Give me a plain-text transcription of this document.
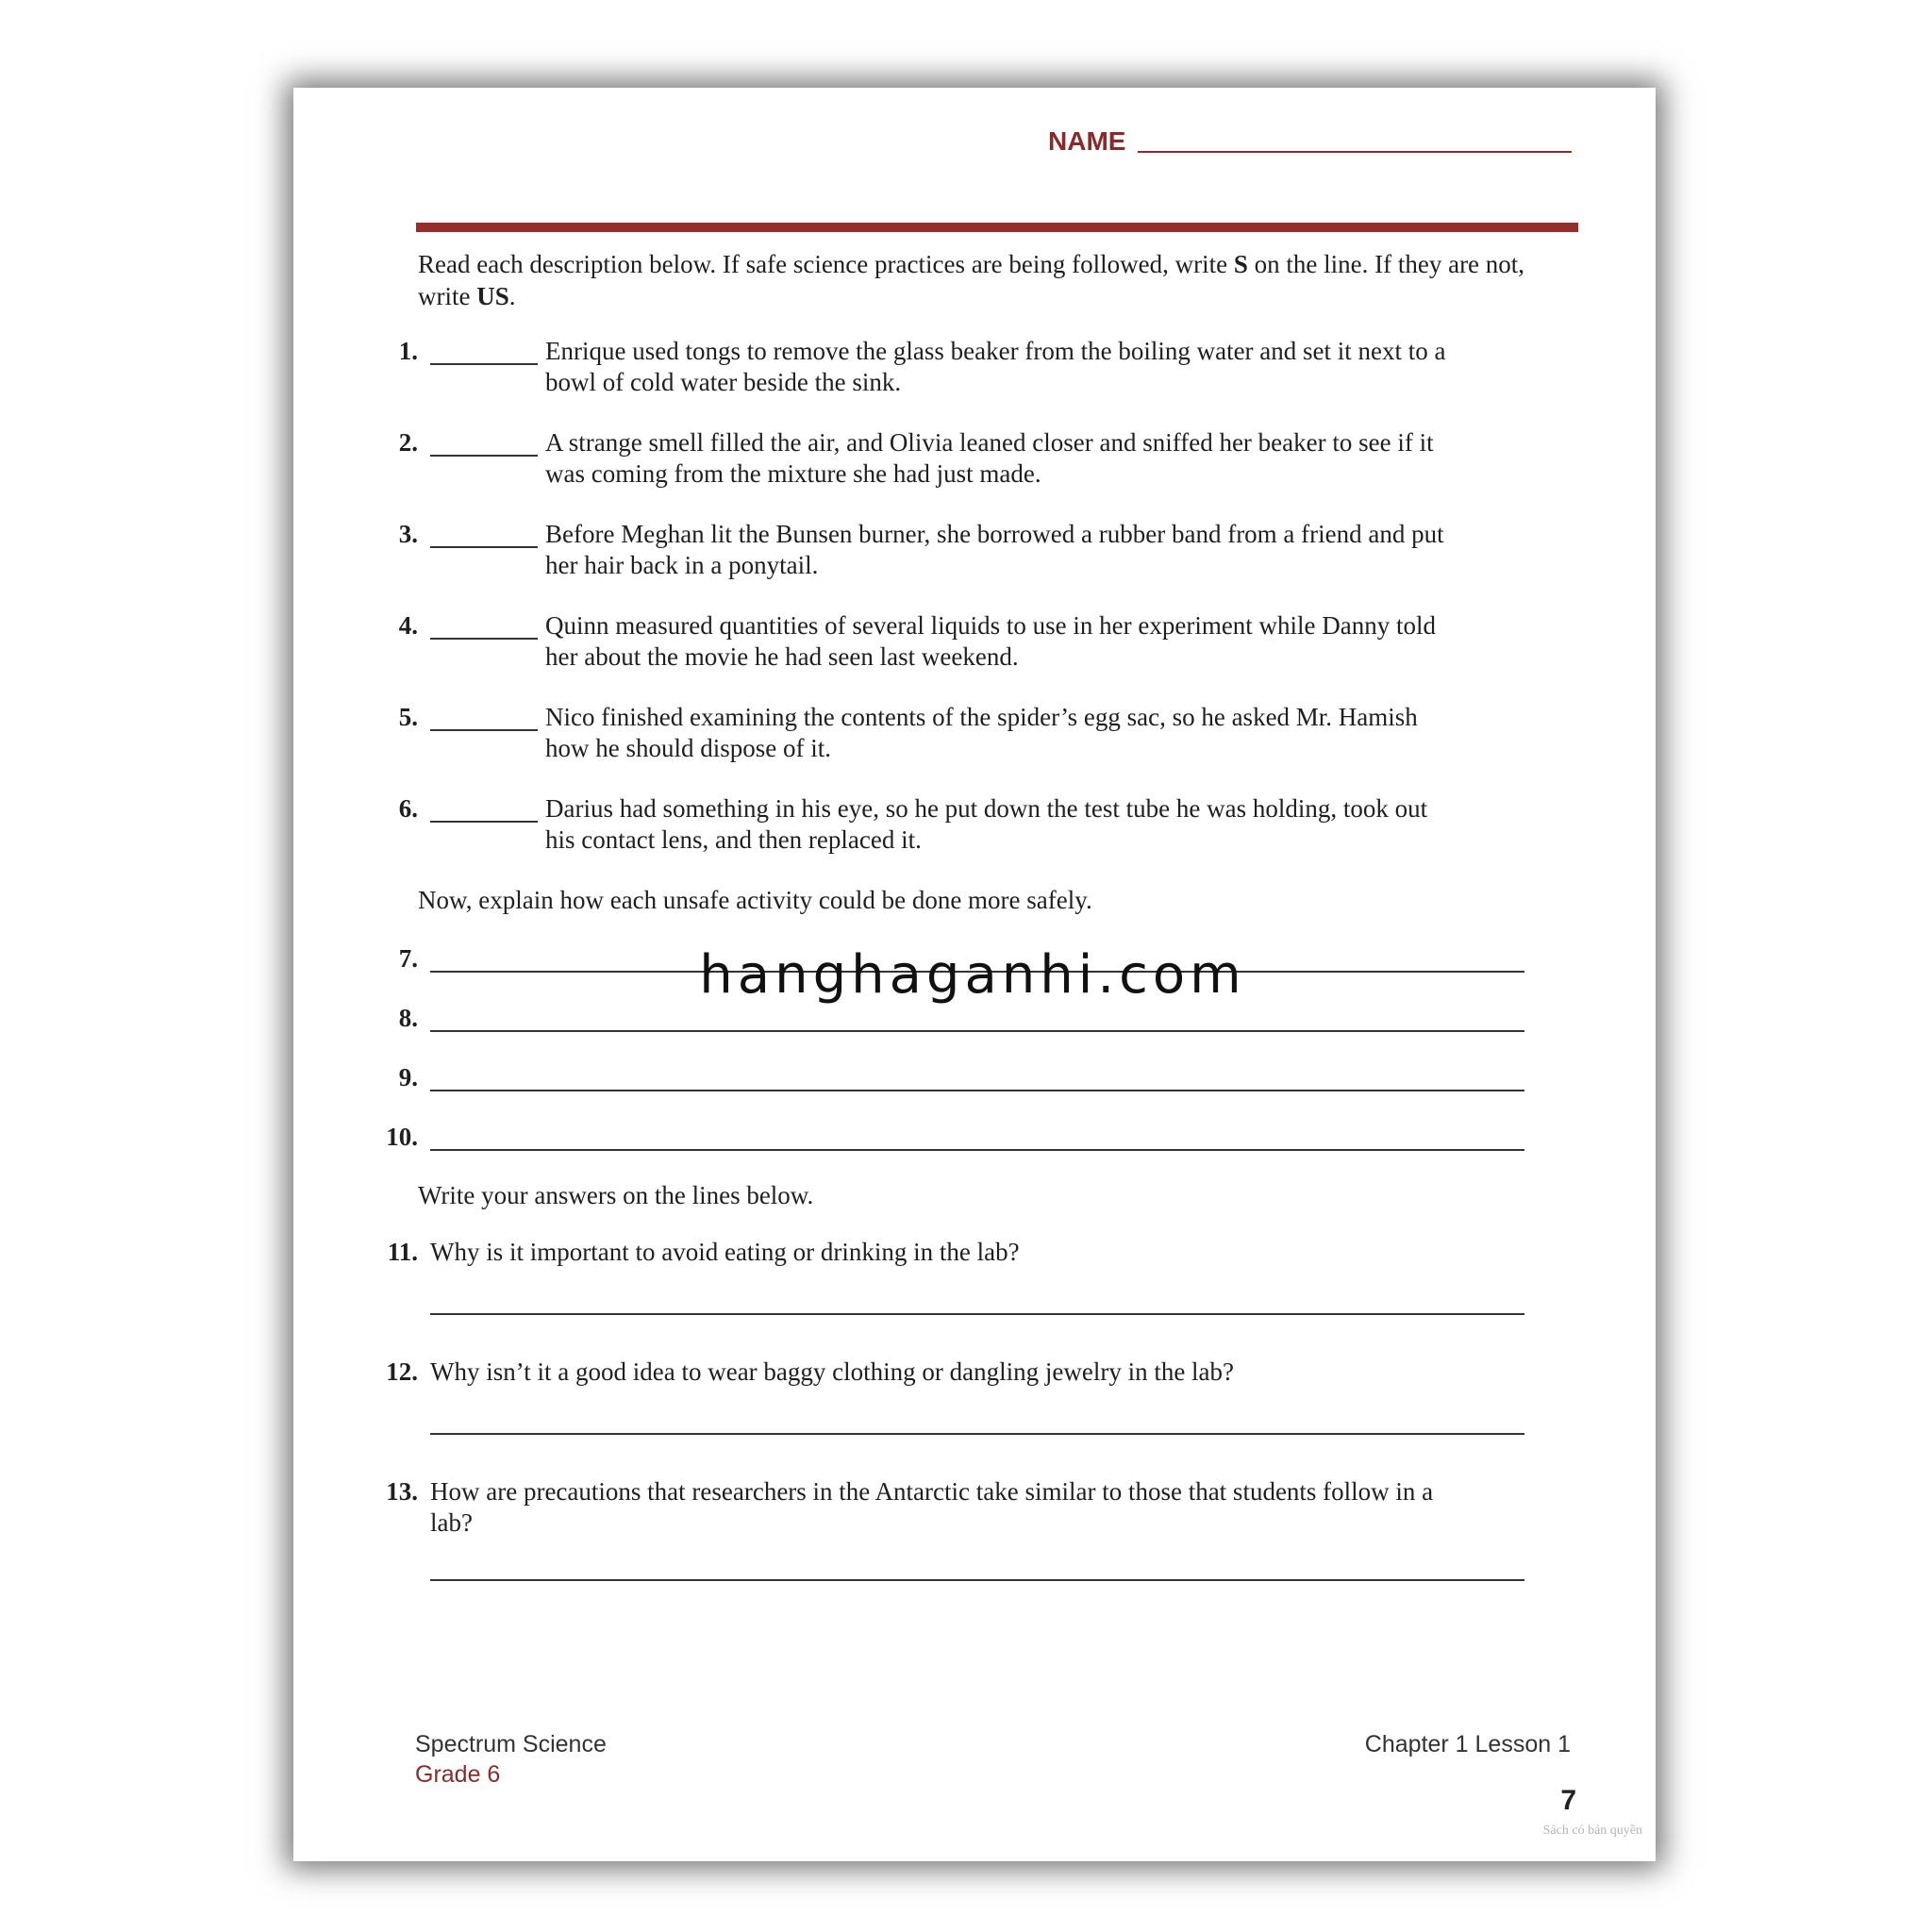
NAME
Read each description below. If safe science practices are being followed, write S on the line. If they are not, write US.
1.	Enrique used tongs to remove the glass beaker from the boiling water and set it next to a
bowl of cold water beside the sink.
2.	A strange smell filled the air, and Olivia leaned closer and sniffed her beaker to see if it
was coming from the mixture she had just made.
3.	Before Meghan lit the Bunsen burner, she borrowed a rubber band from a friend and put
her hair back in a ponytail.
4.	Quinn measured quantities of several liquids to use in her experiment while Danny told
her about the movie he had seen last weekend.
5.	Nico finished examining the contents of the spider’s egg sac, so he asked Mr. Hamish
how he should dispose of it.
6.	Darius had something in his eye, so he put down the test tube he was holding, took out
his contact lens, and then replaced it.
Now, explain how each unsafe activity could be done more safely.
7.
8.
9.
10.
Write your answers on the lines below.
11. Why is it important to avoid eating or drinking in the lab?
12. Why isn’t it a good idea to wear baggy clothing or dangling jewelry in the lab?
13. How are precautions that researchers in the Antarctic take similar to those that students follow in a
lab?
Spectrum Science
Grade 6
Chapter 1 Lesson 1
7
Sách có bản quyền
hanghaganhi.com
